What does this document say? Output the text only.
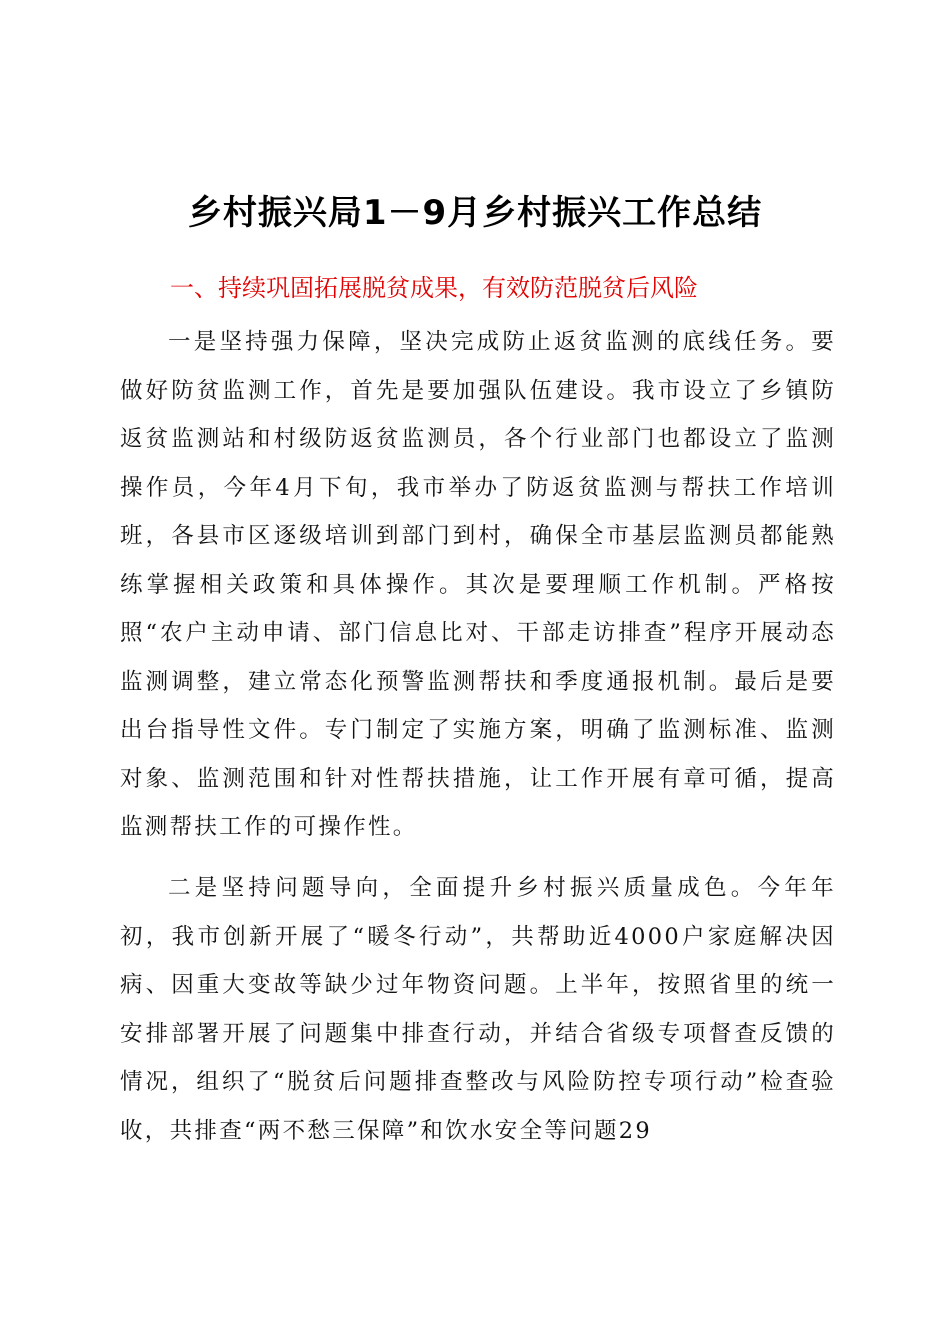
乡村振兴局1－9月乡村振兴工作总结
一、持续巩固拓展脱贫成果，有效防范脱贫后风险

一是坚持强力保障，坚决完成防止返贫监测的底线任务。要做好防贫监测工作，首先是要加强队伍建设。我市设立了乡镇防返贫监测站和村级防返贫监测员，各个行业部门也都设立了监测操作员，今年4月下旬，我市举办了防返贫监测与帮扶工作培训班，各县市区逐级培训到部门到村，确保全市基层监测员都能熟练掌握相关政策和具体操作。其次是要理顺工作机制。严格按照“农户主动申请、部门信息比对、干部走访排查”程序开展动态监测调整，建立常态化预警监测帮扶和季度通报机制。最后是要出台指导性文件。专门制定了实施方案，明确了监测标准、监测对象、监测范围和针对性帮扶措施，让工作开展有章可循，提高监测帮扶工作的可操作性。

二是坚持问题导向，全面提升乡村振兴质量成色。今年年初，我市创新开展了“暖冬行动”，共帮助近4000户家庭解决因病、因重大变故等缺少过年物资问题。上半年，按照省里的统一安排部署开展了问题集中排查行动，并结合省级专项督查反馈的情况，组织了“脱贫后问题排查整改与风险防控专项行动”检查验收，共排查“两不愁三保障”和饮水安全等问题29
